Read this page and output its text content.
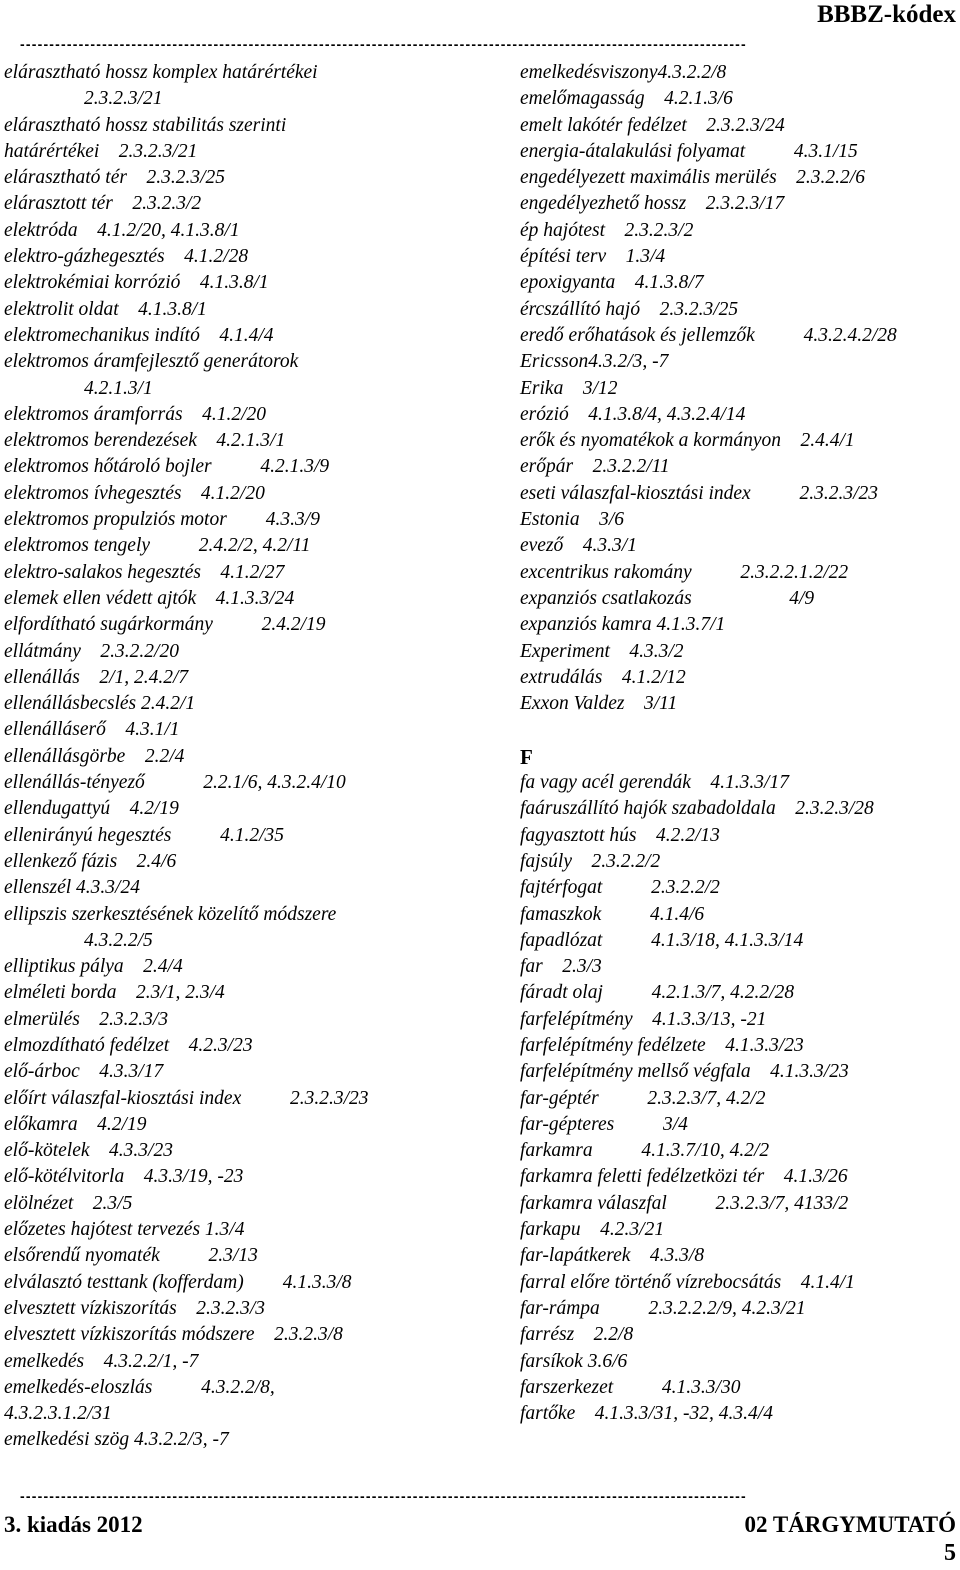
BBBZ-kódex
----------------------------------------------------------------------------------------------------------------------------
elárasztható hossz komplex határértékei
2.3.2.3/21
elárasztható hossz stabilitás szerinti
határértékei    2.3.2.3/21
elárasztható tér    2.3.2.3/25
elárasztott tér    2.3.2.3/2
elektróda    4.1.2/20, 4.1.3.8/1
elektro-gázhegesztés    4.1.2/28
elektrokémiai korrózió    4.1.3.8/1
elektrolit oldat    4.1.3.8/1
elektromechanikus indító    4.1.4/4
elektromos áramfejlesztő generátorok
4.2.1.3/1
elektromos áramforrás    4.1.2/20
elektromos berendezések    4.2.1.3/1
elektromos hőtároló bojler          4.2.1.3/9
elektromos ívhegesztés    4.1.2/20
elektromos propulziós motor        4.3.3/9
elektromos tengely          2.4.2/2, 4.2/11
elektro-salakos hegesztés    4.1.2/27
elemek ellen védett ajtók    4.1.3.3/24
elfordítható sugárkormány          2.4.2/19
ellátmány    2.3.2.2/20
ellenállás    2/1, 2.4.2/7
ellenállásbecslés 2.4.2/1
ellenálláserő    4.3.1/1
ellenállásgörbe    2.2/4
ellenállás-tényező            2.2.1/6, 4.3.2.4/10
ellendugattyú    4.2/19
ellenirányú hegesztés          4.1.2/35
ellenkező fázis    2.4/6
ellenszél 4.3.3/24
ellipszis szerkesztésének közelítő módszere
4.3.2.2/5
elliptikus pálya    2.4/4
elméleti borda    2.3/1, 2.3/4
elmerülés    2.3.2.3/3
elmozdítható fedélzet    4.2.3/23
elő-árboc    4.3.3/17
előírt válaszfal-kiosztási index          2.3.2.3/23
előkamra    4.2/19
elő-kötelek    4.3.3/23
elő-kötélvitorla    4.3.3/19, -23
elölnézet    2.3/5
előzetes hajótest tervezés 1.3/4
elsőrendű nyomaték          2.3/13
elválasztó testtank (kofferdam)        4.1.3.3/8
elvesztett vízkiszorítás    2.3.2.3/3
elvesztett vízkiszorítás módszere    2.3.2.3/8
emelkedés    4.3.2.2/1, -7
emelkedés-eloszlás          4.3.2.2/8,
4.3.2.3.1.2/31
emelkedési szög 4.3.2.2/3, -7
emelkedésviszony4.3.2.2/8
emelőmagasság    4.2.1.3/6
emelt lakótér fedélzet    2.3.2.3/24
energia-átalakulási folyamat          4.3.1/15
engedélyezett maximális merülés    2.3.2.2/6
engedélyezhető hossz    2.3.2.3/17
ép hajótest    2.3.2.3/2
építési terv    1.3/4
epoxigyanta    4.1.3.8/7
ércszállító hajó    2.3.2.3/25
eredő erőhatások és jellemzők          4.3.2.4.2/28
Ericsson4.3.2/3, -7
Erika    3/12
erózió    4.1.3.8/4, 4.3.2.4/14
erők és nyomatékok a kormányon    2.4.4/1
erőpár    2.3.2.2/11
eseti válaszfal-kiosztási index          2.3.2.3/23
Estonia    3/6
evező    4.3.3/1
excentrikus rakomány          2.3.2.2.1.2/22
expanziós csatlakozás                    4/9
expanziós kamra 4.1.3.7/1
Experiment    4.3.3/2
extrudálás    4.1.2/12
Exxon Valdez    3/11
F
fa vagy acél gerendák    4.1.3.3/17
faáruszállító hajók szabadoldala    2.3.2.3/28
fagyasztott hús    4.2.2/13
fajsúly    2.3.2.2/2
fajtérfogat          2.3.2.2/2
famaszkok          4.1.4/6
fapadlózat          4.1.3/18, 4.1.3.3/14
far    2.3/3
fáradt olaj          4.2.1.3/7, 4.2.2/28
farfelépítmény    4.1.3.3/13, -21
farfelépítmény fedélzete    4.1.3.3/23
farfelépítmény mellső végfala    4.1.3.3/23
far-géptér          2.3.2.3/7, 4.2/2
far-gépteres          3/4
farkamra          4.1.3.7/10, 4.2/2
farkamra feletti fedélzetközi tér    4.1.3/26
farkamra válaszfal          2.3.2.3/7, 4133/2
farkapu    4.2.3/21
far-lapátkerek    4.3.3/8
farral előre történő vízrebocsátás    4.1.4/1
far-rámpa          2.3.2.2.2/9, 4.2.3/21
farrész    2.2/8
farsíkok 3.6/6
farszerkezet          4.1.3.3/30
fartőke    4.1.3.3/31, -32, 4.3.4/4
----------------------------------------------------------------------------------------------------------------------------
3. kiadás 2012	02 TÁRGYMUTATÓ
5
